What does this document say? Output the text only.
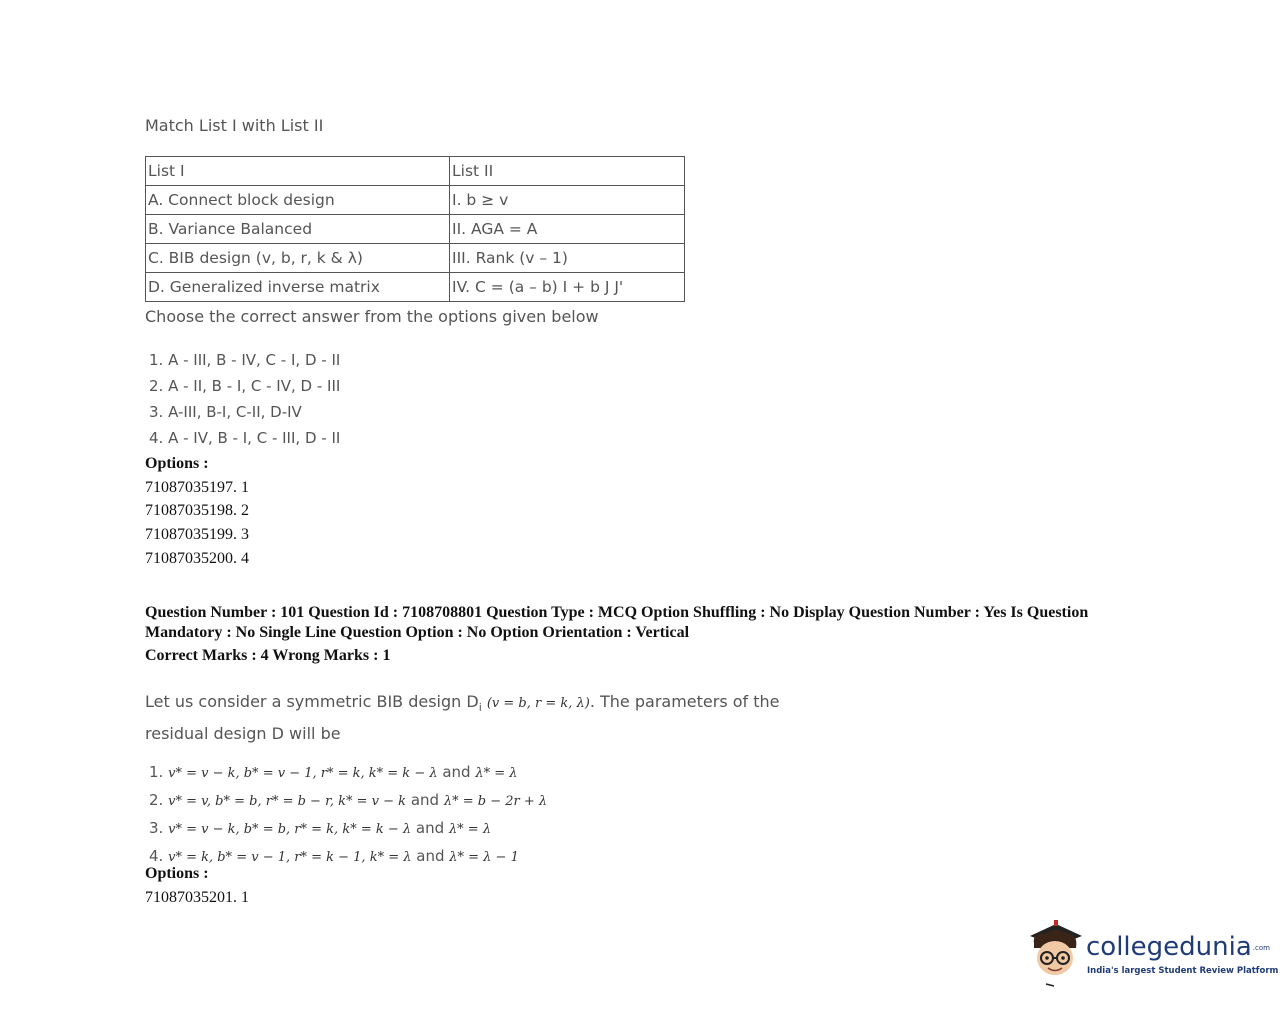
Match List I with List II
List I	List II
A. Connect block design	I. b ≥ v
B. Variance Balanced	II. AGA = A
C. BIB design (v, b, r, k & λ)	III. Rank (v – 1)
D. Generalized inverse matrix	IV. C = (a – b) I + b J J'
Choose the correct answer from the options given below
1. A - III, B - IV, C - I, D - II
2. A - II, B - I, C - IV, D - III
3. A-III, B-I, C-II, D-IV
4. A - IV, B - I, C - III, D - II
Options :
71087035197. 1
71087035198. 2
71087035199. 3
71087035200. 4
Question Number : 101 Question Id : 7108708801 Question Type : MCQ Option Shuffling : No Display Question Number : Yes Is Question Mandatory : No Single Line Question Option : No Option Orientation : Vertical
Correct Marks : 4 Wrong Marks : 1
Let us consider a symmetric BIB design $D_i$ (v = b, r = k, λ). The parameters of the residual design D will be
1. v* = v − k, b* = v − 1, r* = k, k* = k − λ and λ* = λ
2. v* = v, b* = b, r* = b − r, k* = v − k and λ* = b − 2r + λ
3. v* = v − k, b* = b, r* = k, k* = k − λ and λ* = λ
4. v* = k, b* = v − 1, r* = k − 1, k* = λ and λ* = λ − 1
Options :
71087035201. 1
collegedunia.com
India's largest Student Review Platform
